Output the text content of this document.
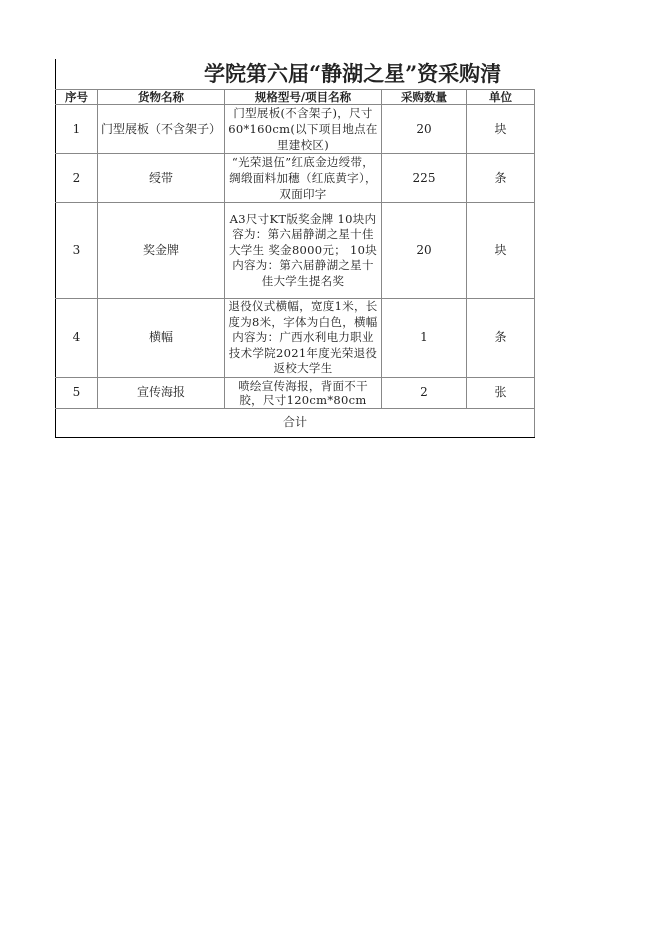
学院第六届“静湖之星”资采购清
序号	货物名称	规格型号/项目名称	采购数量	单位
1	门型展板（不含架子）	门型展板(不含架子)，尺寸60*160cm(以下项目地点在里建校区)	20	块
2	绶带	“光荣退伍”红底金边绶带，绸缎面料加穗（红底黄字），双面印字	225	条
3	奖金牌	A3尺寸KT版奖金牌 10块内容为：第六届静湖之星十佳大学生 奖金8000元； 10块内容为：第六届静湖之星十佳大学生提名奖	20	块
4	横幅	退役仪式横幅，宽度1米，长度为8米，字体为白色，横幅内容为：广西水利电力职业技术学院2021年度光荣退役返校大学生	1	条
5	宣传海报	喷绘宣传海报，背面不干胶，尺寸120cm*80cm	2	张
合计				
